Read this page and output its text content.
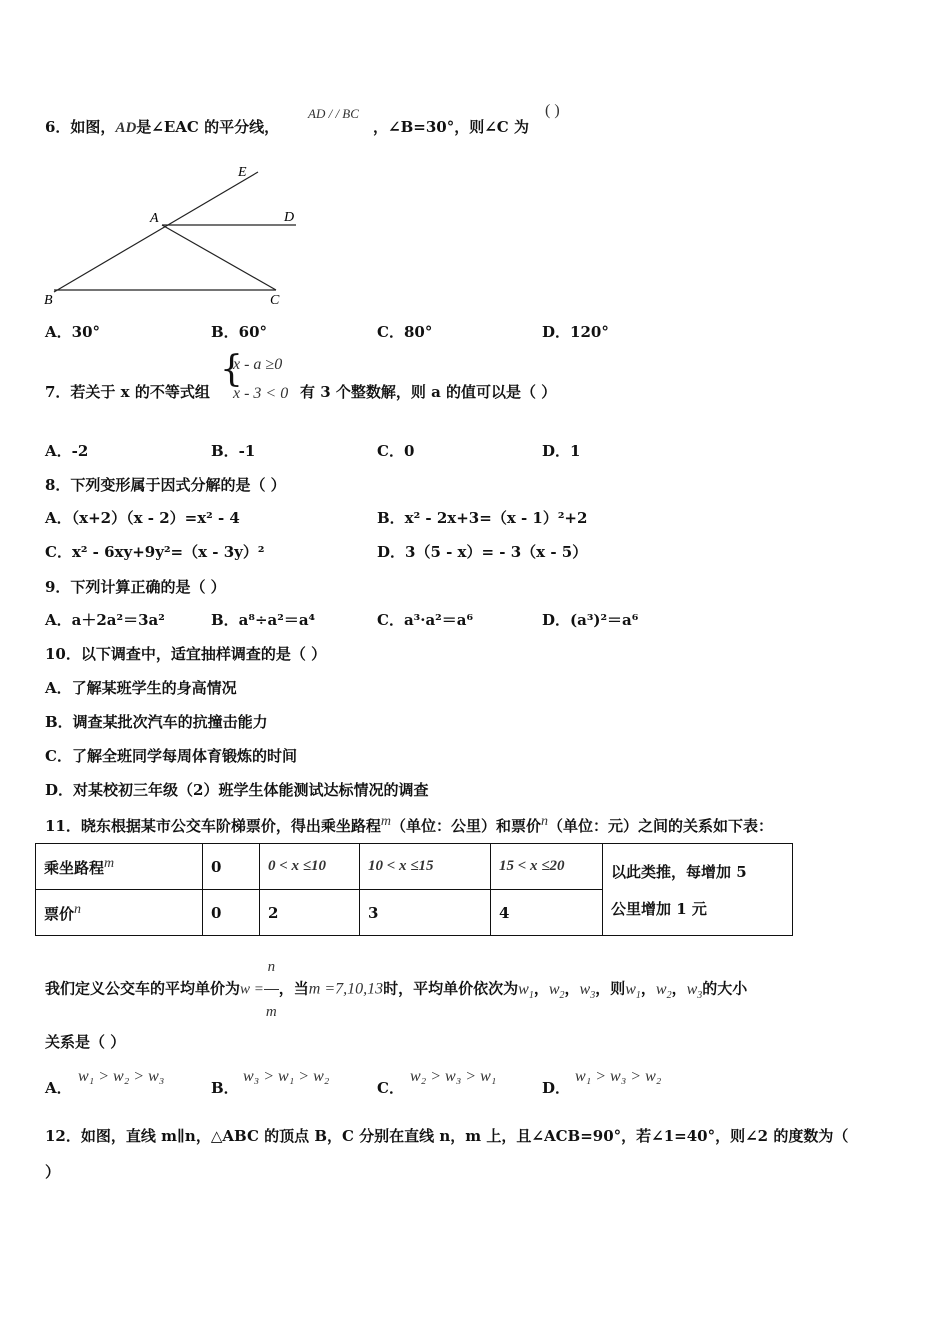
6．如图，AD是∠EAC 的平分线，
AD / / BC
，∠B=30°，则∠C 为
( )
E
A	D
B	C
A．30°	B．60°	C．80°	D．120°
7．若关于 x 的不等式组
{
x - a ≥0
x - 3 < 0 有 3 个整数解，则 a 的值可以是（ ）
A．-2	B．-1	C．0	D．1
8．下列变形属于因式分解的是（ ）
A．（x+2）（x - 2）=x² - 4	B．x² - 2x+3=（x - 1）²+2
C．x² - 6xy+9y²=（x - 3y）²	D．3（5 - x）= - 3（x - 5）
9．下列计算正确的是（ ）
A．a＋2a²＝3a²	B．a⁸÷a²＝a⁴	C．a³·a²＝a⁶	D．(a³)²＝a⁶
10．以下调查中，适宜抽样调查的是（ ）
A．了解某班学生的身高情况
B．调查某批次汽车的抗撞击能力
C．了解全班同学每周体育锻炼的时间
D．对某校初三年级（2）班学生体能测试达标情况的调查
11．晓东根据某市公交车阶梯票价，得出乘坐路程$^m$（单位：公里）和票价$^n$（单位：元）之间的关系如下表：
乘坐路程$^m$	0	0 < x ≤10	10 < x ≤15	15 < x ≤20	以此类推，每增加 5
公里增加 1 元

票价$^n$	0	2	3	4	
我们定义公交车的平均单价为$w = \frac{n}{m}$ ，当m =7,10,13时，平均单价依次为$w_1$，$w_2$，$w_3$，则$w_1$，$w_2$，$w_3$的大小
关系是（ ）
A．
w₁ > w₂ > w₃
B．
w₃ > w₁ > w₂
C．
w₂ > w₃ > w₁
D．
w₁ > w₃ > w₂
12．如图，直线 m∥n，△ABC 的顶点 B，C 分别在直线 n，m 上，且∠ACB=90°，若∠1=40°，则∠2 的度数为（
）
